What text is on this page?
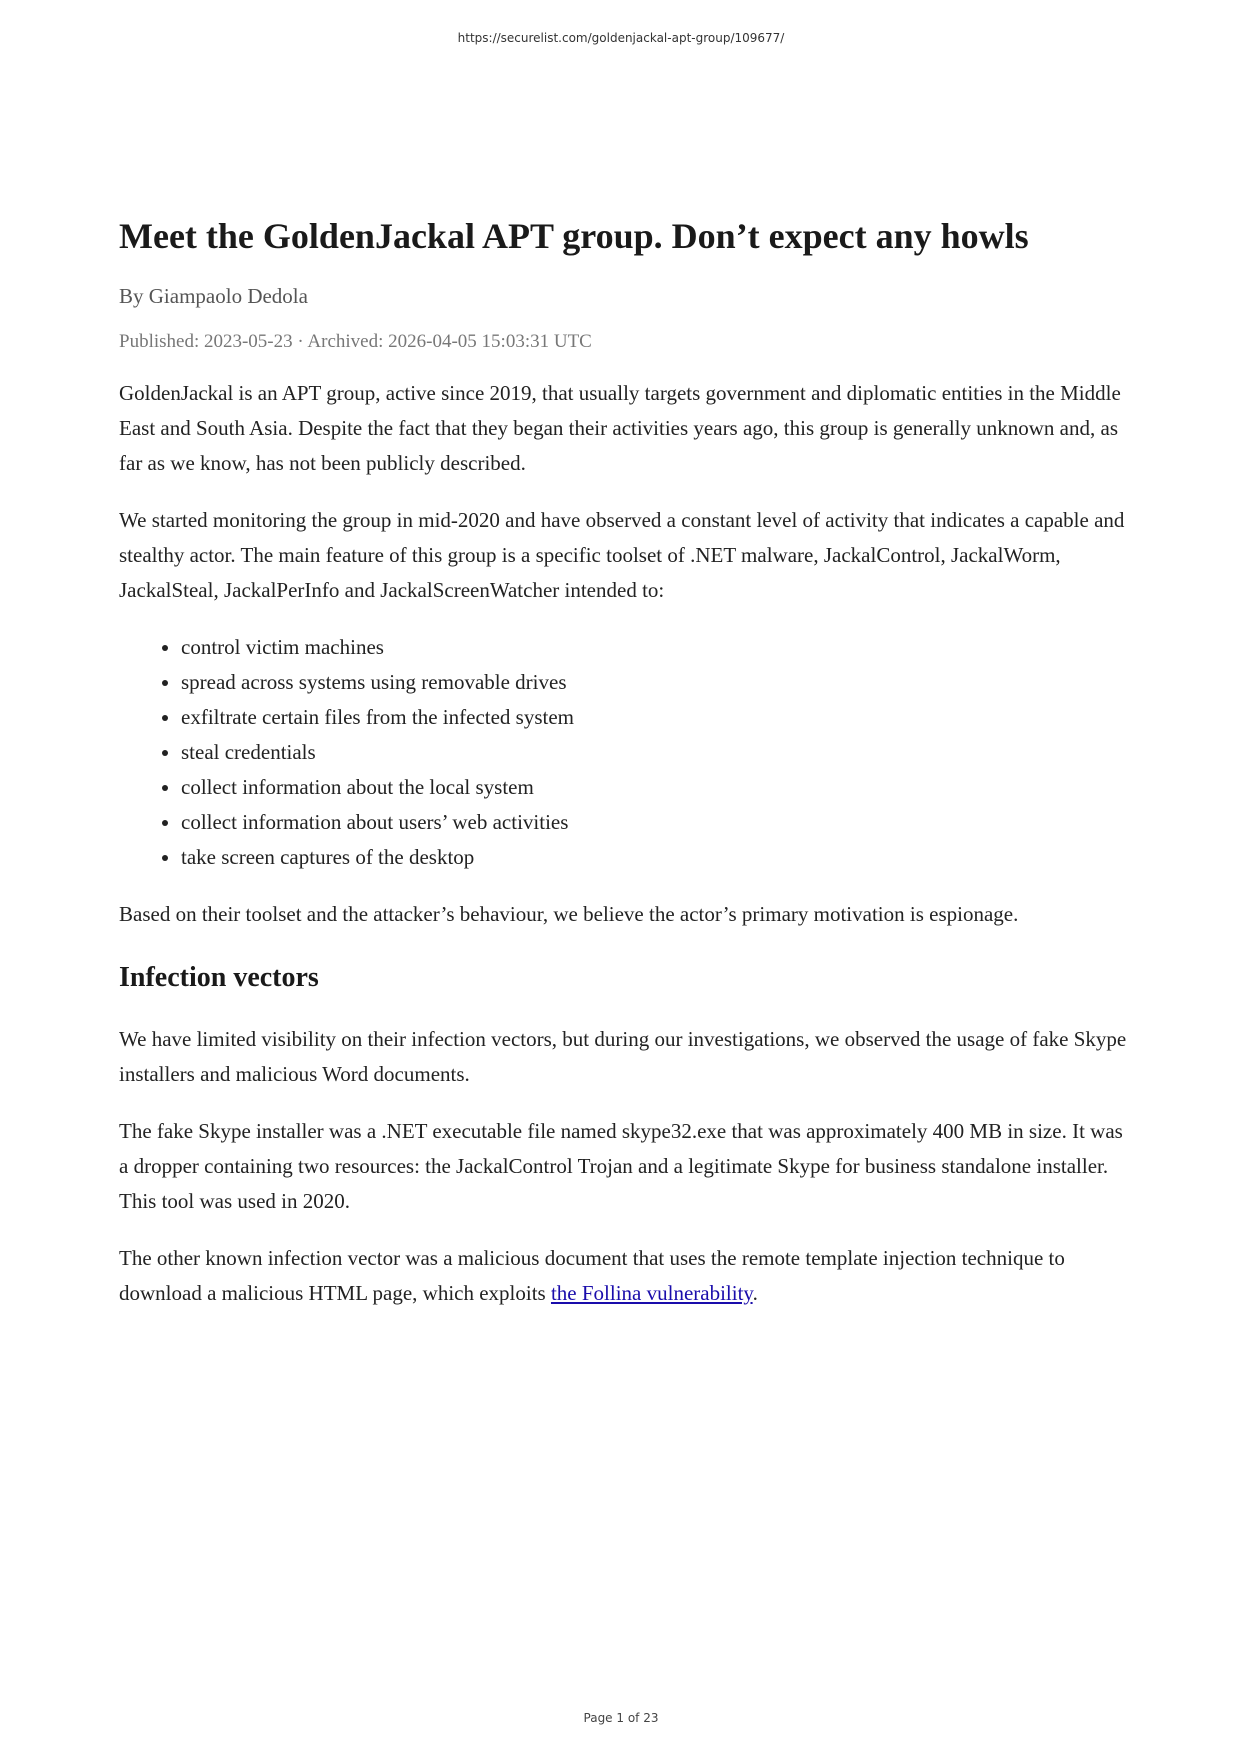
https://securelist.com/goldenjackal-apt-group/109677/
Meet the GoldenJackal APT group. Don’t expect any howls
By Giampaolo Dedola
Published: 2023-05-23 · Archived: 2026-04-05 15:03:31 UTC

GoldenJackal is an APT group, active since 2019, that usually targets government and diplomatic entities in the Middle East and South Asia. Despite the fact that they began their activities years ago, this group is generally unknown and, as far as we know, has not been publicly described.

We started monitoring the group in mid-2020 and have observed a constant level of activity that indicates a capable and stealthy actor. The main feature of this group is a specific toolset of .NET malware, JackalControl, JackalWorm, JackalSteal, JackalPerInfo and JackalScreenWatcher intended to:

• control victim machines
• spread across systems using removable drives
• exfiltrate certain files from the infected system
• steal credentials
• collect information about the local system
• collect information about users’ web activities
• take screen captures of the desktop

Based on their toolset and the attacker’s behaviour, we believe the actor’s primary motivation is espionage.

Infection vectors

We have limited visibility on their infection vectors, but during our investigations, we observed the usage of fake Skype installers and malicious Word documents.

The fake Skype installer was a .NET executable file named skype32.exe that was approximately 400 MB in size. It was a dropper containing two resources: the JackalControl Trojan and a legitimate Skype for business standalone installer. This tool was used in 2020.

The other known infection vector was a malicious document that uses the remote template injection technique to download a malicious HTML page, which exploits the Follina vulnerability.

Page 1 of 23
